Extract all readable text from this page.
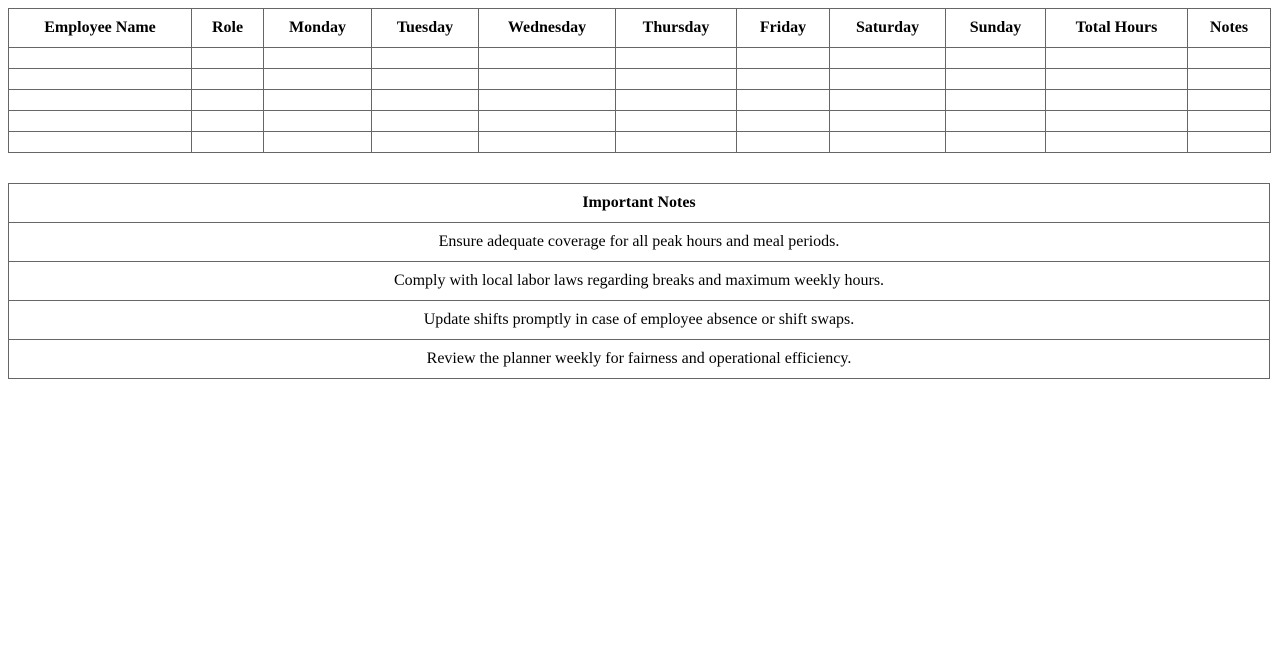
Employee Name	Role	Monday	Tuesday	Wednesday	Thursday	Friday	Saturday	Sunday	Total Hours	Notes

Important Notes
Ensure adequate coverage for all peak hours and meal periods.
Comply with local labor laws regarding breaks and maximum weekly hours.
Update shifts promptly in case of employee absence or shift swaps.
Review the planner weekly for fairness and operational efficiency.
